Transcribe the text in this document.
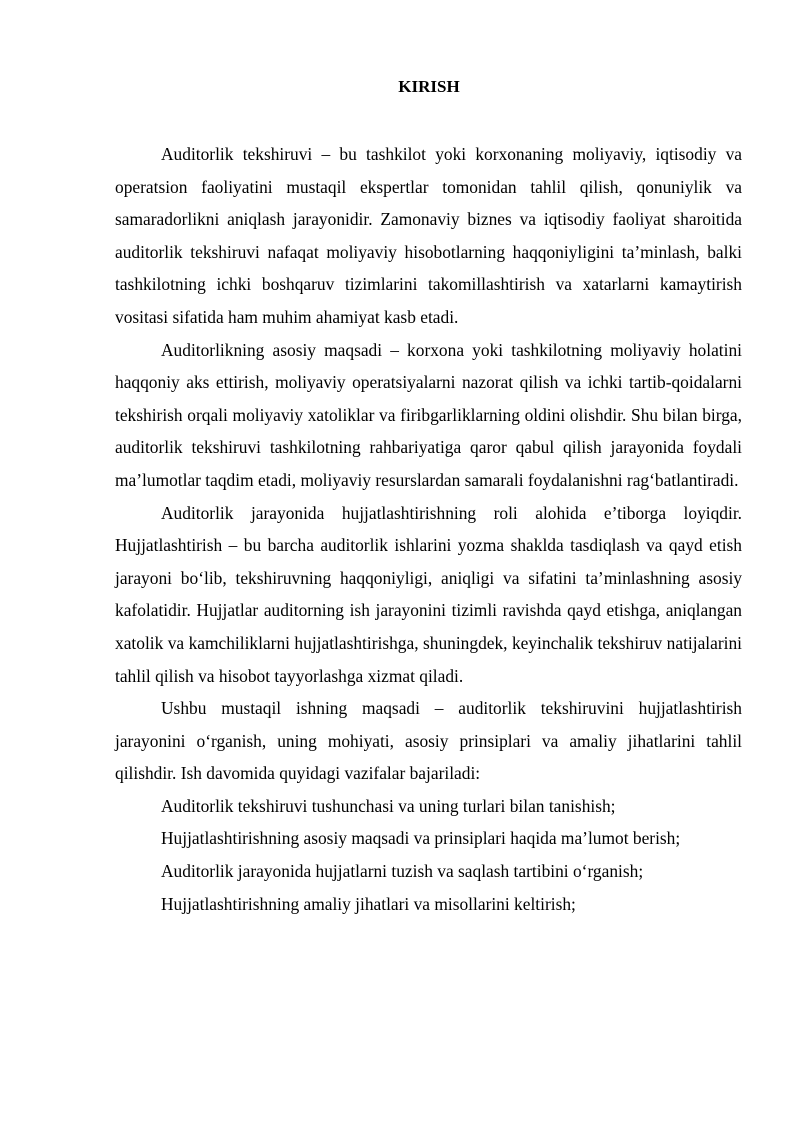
KIRISH

Auditorlik tekshiruvi – bu tashkilot yoki korxonaning moliyaviy, iqtisodiy va operatsion faoliyatini mustaqil ekspertlar tomonidan tahlil qilish, qonuniylik va samaradorlikni aniqlash jarayonidir. Zamonaviy biznes va iqtisodiy faoliyat sharoitida auditorlik tekshiruvi nafaqat moliyaviy hisobotlarning haqqoniyligini ta’minlash, balki tashkilotning ichki boshqaruv tizimlarini takomillashtirish va xatarlarni kamaytirish vositasi sifatida ham muhim ahamiyat kasb etadi.

Auditorlikning asosiy maqsadi – korxona yoki tashkilotning moliyaviy holatini haqqoniy aks ettirish, moliyaviy operatsiyalarni nazorat qilish va ichki tartib-qoidalarni tekshirish orqali moliyaviy xatoliklar va firibgarliklarning oldini olishdir. Shu bilan birga, auditorlik tekshiruvi tashkilotning rahbariyatiga qaror qabul qilish jarayonida foydali ma’lumotlar taqdim etadi, moliyaviy resurslardan samarali foydalanishni rag‘batlantiradi.

Auditorlik jarayonida hujjatlashtirishning roli alohida e’tiborga loyiqdir. Hujjatlashtirish – bu barcha auditorlik ishlarini yozma shaklda tasdiqlash va qayd etish jarayoni bo‘lib, tekshiruvning haqqoniyligi, aniqligi va sifatini ta’minlashning asosiy kafolatidir. Hujjatlar auditorning ish jarayonini tizimli ravishda qayd etishga, aniqlangan xatolik va kamchiliklarni hujjatlashtirishga, shuningdek, keyinchalik tekshiruv natijalarini tahlil qilish va hisobot tayyorlashga xizmat qiladi.

Ushbu mustaqil ishning maqsadi – auditorlik tekshiruvini hujjatlashtirish jarayonini o‘rganish, uning mohiyati, asosiy prinsiplari va amaliy jihatlarini tahlil qilishdir. Ish davomida quyidagi vazifalar bajariladi:

Auditorlik tekshiruvi tushunchasi va uning turlari bilan tanishish;

Hujjatlashtirishning asosiy maqsadi va prinsiplari haqida ma’lumot berish;

Auditorlik jarayonida hujjatlarni tuzish va saqlash tartibini o‘rganish;

Hujjatlashtirishning amaliy jihatlari va misollarini keltirish;
